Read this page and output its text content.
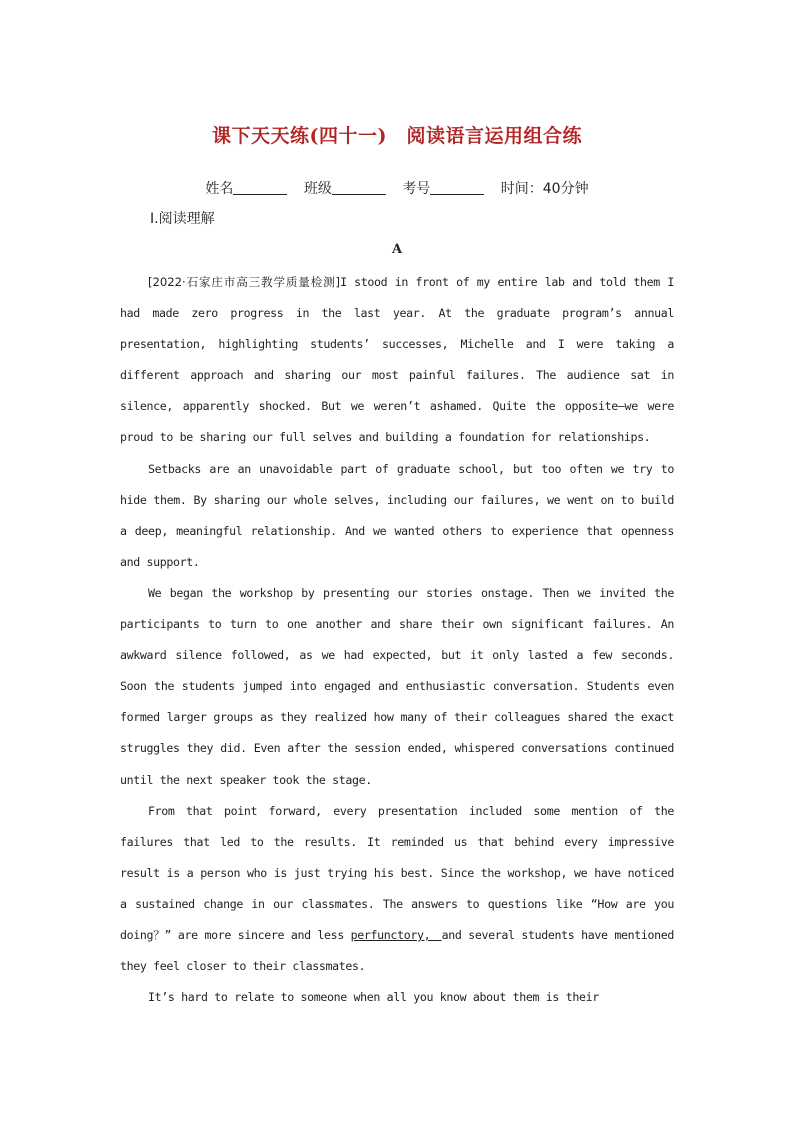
课下天天练(四十一)　阅读语言运用组合练
姓名	班级	考号	时间：40分钟
Ⅰ.阅读理解
A

[2022·石家庄市高三教学质量检测]I stood in front of my entire lab and told them I had made zero progress in the last year. At the graduate program’s annual presentation, highlighting students’ successes, Michelle and I were taking a different approach and sharing our most painful failures. The audience sat in silence, apparently shocked. But we weren’t ashamed. Quite the opposite—we were proud to be sharing our full selves and building a foundation for relationships.

Setbacks are an unavoidable part of graduate school, but too often we try to hide them. By sharing our whole selves, including our failures, we went on to build a deep, meaningful relationship. And we wanted others to experience that openness and support.

We began the workshop by presenting our stories onstage. Then we invited the participants to turn to one another and share their own significant failures. An awkward silence followed, as we had expected, but it only lasted a few seconds. Soon the students jumped into engaged and enthusiastic conversation. Students even formed larger groups as they realized how many of their colleagues shared the exact struggles they did. Even after the session ended, whispered conversations continued until the next speaker took the stage.

From that point forward, every presentation included some mention of the failures that led to the results. It reminded us that behind every impressive result is a person who is just trying his best. Since the workshop, we have noticed a sustained change in our classmates. The answers to questions like “How are you doing？” are more sincere and less perfunctory,　and several students have mentioned they feel closer to their classmates.

It’s hard to relate to someone when all you know about them is their
